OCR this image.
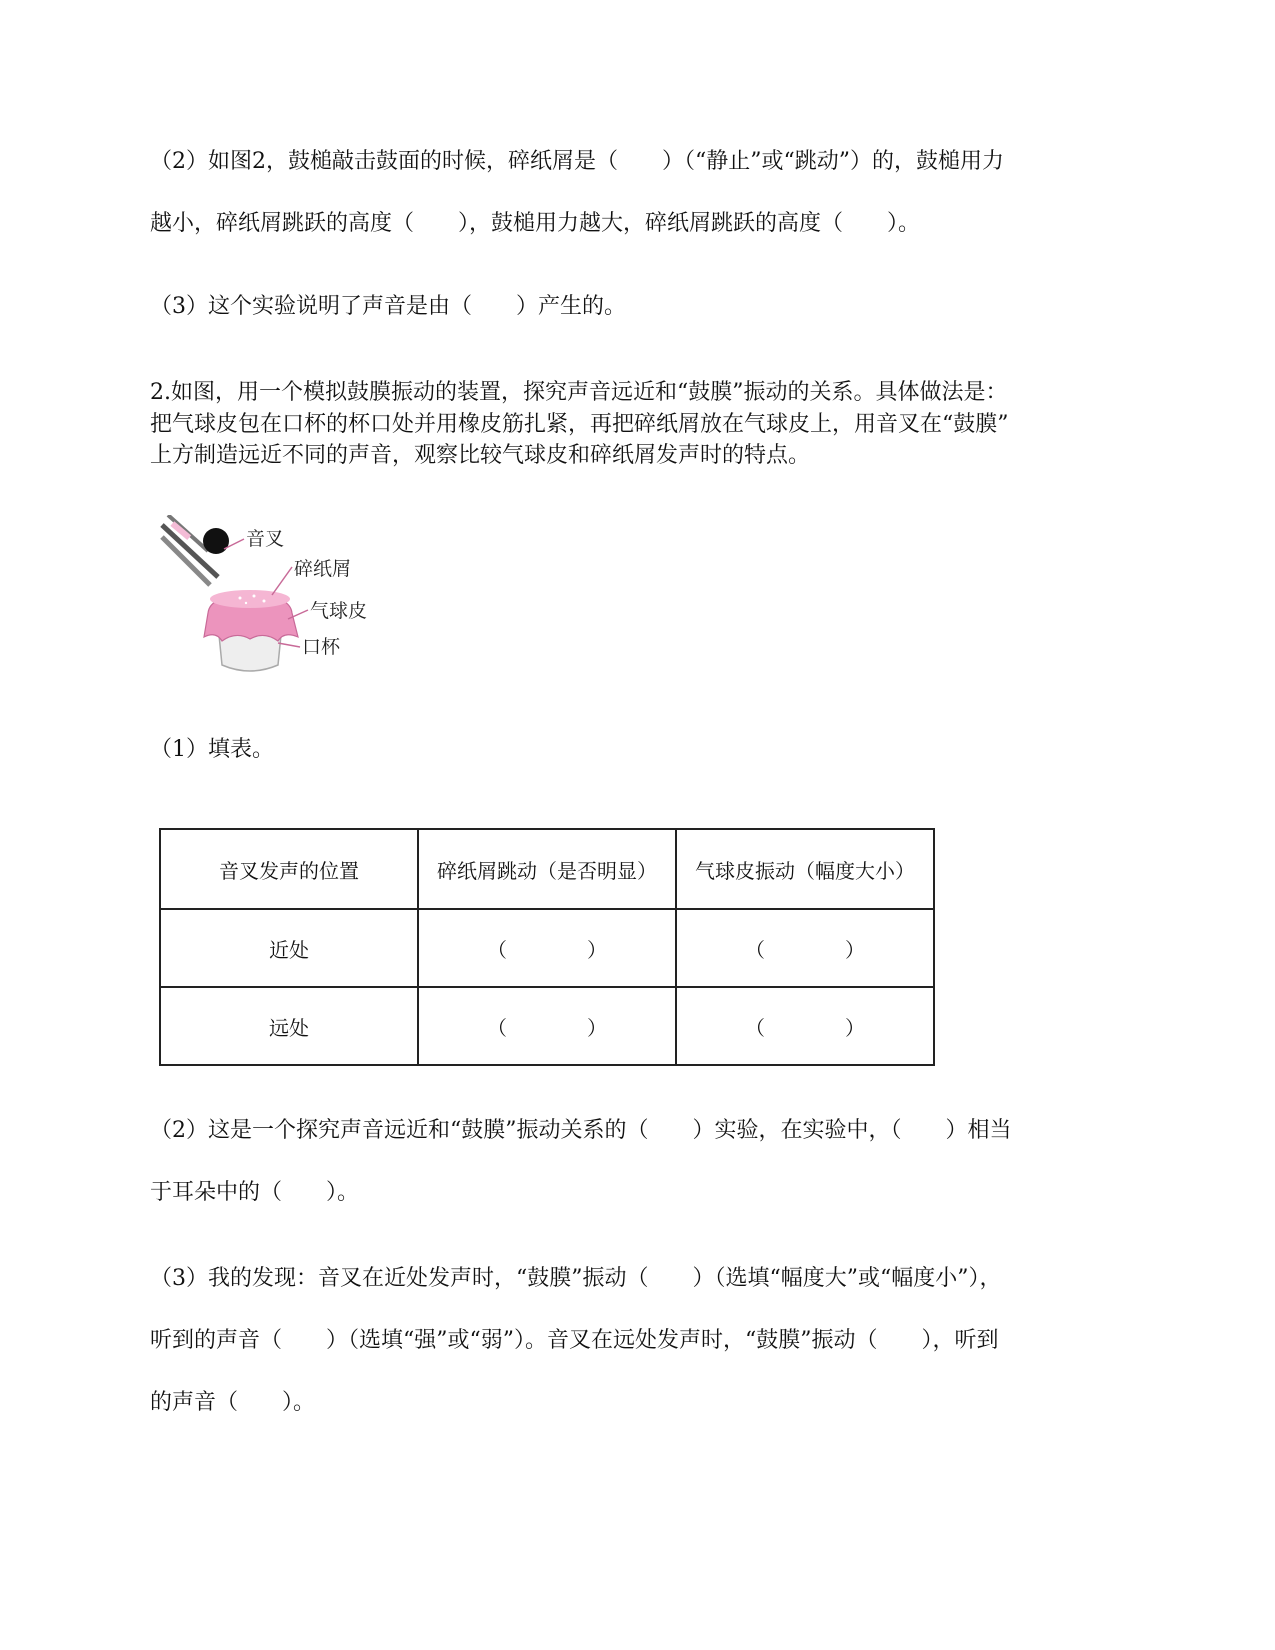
（2）如图2，鼓槌敲击鼓面的时候，碎纸屑是（　　）（“静止”或“跳动”）的，鼓槌用力
越小，碎纸屑跳跃的高度（　　），鼓槌用力越大，碎纸屑跳跃的高度（　　）。
（3）这个实验说明了声音是由（　　）产生的。
2.如图，用一个模拟鼓膜振动的装置，探究声音远近和“鼓膜”振动的关系。具体做法是：
把气球皮包在口杯的杯口处并用橡皮筋扎紧，再把碎纸屑放在气球皮上，用音叉在“鼓膜”
上方制造远近不同的声音，观察比较气球皮和碎纸屑发声时的特点。
音叉
碎纸屑
气球皮
口杯
（1）填表。
音叉发声的位置	碎纸屑跳动（是否明显）	气球皮振动（幅度大小）
近处	（ ）	（ ）

远处	（ ）	（ ）
（2）这是一个探究声音远近和“鼓膜”振动关系的（　　）实验，在实验中，（　　）相当
于耳朵中的（　　）。
（3）我的发现：音叉在近处发声时，“鼓膜”振动（　　）（选填“幅度大”或“幅度小”），
听到的声音（　　）（选填“强”或“弱”）。音叉在远处发声时，“鼓膜”振动（　　），听到
的声音（　　）。
